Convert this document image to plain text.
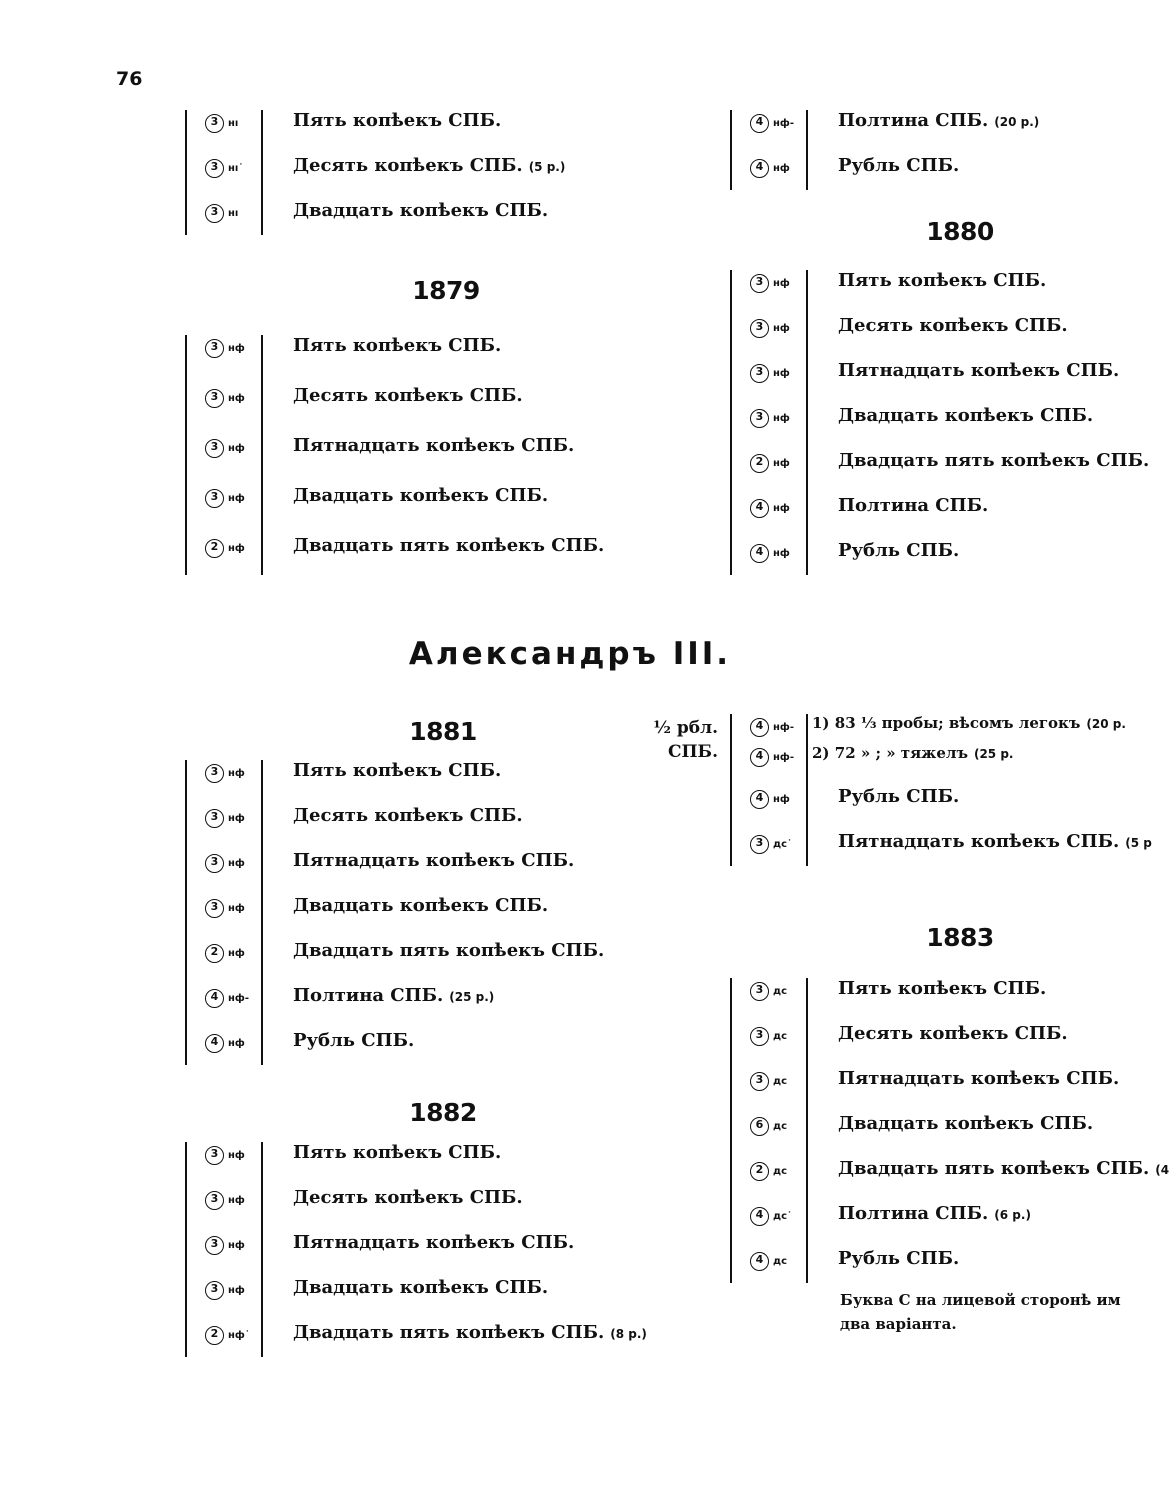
76
3 нı	Пять копѣекъ СПБ.
3 нı˙	Десять копѣекъ СПБ. (5 р.)
3 нı	Двадцать копѣекъ СПБ.
4 нф- Полтина СПБ. (20 р.)
4 нф	Рубль СПБ.
1879
3 нф	Пять копѣекъ СПБ.
3 нф	Десять копѣекъ СПБ.
3 нф	Пятнадцать копѣекъ СПБ.
3 нф	Двадцать копѣекъ СПБ.
2 нф	Двадцать пять копѣекъ СПБ.
1880
3 нф	Пять копѣекъ СПБ.
3 нф	Десять копѣекъ СПБ.
3 нф	Пятнадцать копѣекъ СПБ.
3 нф	Двадцать копѣекъ СПБ.
2 нф	Двадцать пять копѣекъ СПБ.
4 нф	Полтина СПБ.
4 нф	Рубль СПБ.
Александръ III.
1881
3 нф	Пять копѣекъ СПБ.
3 нф	Десять копѣекъ СПБ.
3 нф	Пятнадцать копѣекъ СПБ.
3 нф	Двадцать копѣекъ СПБ.
2 нф	Двадцать пять копѣекъ СПБ.
4 нф- Полтина СПБ. (25 р.)
4 нф	Рубль СПБ.
½ рбл.
СПБ.
4 нф- 1) 83 ⅓ пробы; вѣсомъ легокъ (20 р.
4 нф- 2) 72 » ; » тяжелъ (25 р.
4 нф	Рубль СПБ.
3 дс˙	Пятнадцать копѣекъ СПБ. (5 р
1882
3 нф	Пять копѣекъ СПБ.
3 нф	Десять копѣекъ СПБ.
3 нф	Пятнадцать копѣекъ СПБ.
3 нф	Двадцать копѣекъ СПБ.
2 нф˙ Двадцать пять копѣекъ СПБ. (8 р.)
1883
3 дс	Пять копѣекъ СПБ.
3 дс	Десять копѣекъ СПБ.
3 дс	Пятнадцать копѣекъ СПБ.
6 дс	Двадцать копѣекъ СПБ.
2 дс	Двадцать пять копѣекъ СПБ. (4
4 дс˙	Полтина СПБ. (6 р.)
4 дс	Рубль СПБ.
Буква С на лицевой сторонѣ им два варіанта.
